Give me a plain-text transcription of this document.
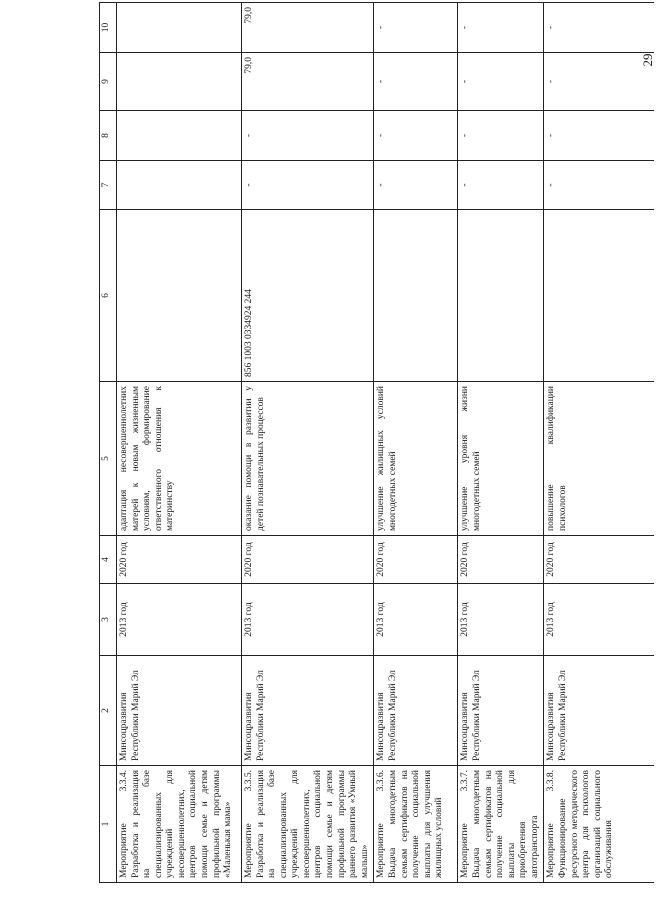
29
1	2	3	4	5	6	7	8	9	10
Мероприятие 3.3.4. Разработка и реализация на базе специализированных учреждений для несовершеннолетних, центров социальной помощи семье и детям профильной программы «Маленькая мама»	Минсоцразвития Республики Марий Эл	2013 год	2020 год	адаптация несовершеннолетних матерей к новым жизненным условиям, формирование ответственного отношения к материнству					
Мероприятие 3.3.5. Разработка и реализация на базе специализированных учреждений для несовершеннолетних, центров социальной помощи семье и детям профильной программы раннего развития «Умный малыш»	Минсоцразвития Республики Марий Эл	2013 год	2020 год	оказание помощи в развитии у детей познавательных процессов	856 1003 0334924 244	-	-	79,0	79,0
Мероприятие 3.3.6. Выдача многодетным семьям сертификатов на получение социальной выплаты для улучшения жилищных условий	Минсоцразвития Республики Марий Эл	2013 год	2020 год	улучшение жилищных условий многодетных семей		-	-	-	-
Мероприятие 3.3.7. Выдача многодетным семьям сертификатов на получение социальной выплаты для приобретения автотранспорта	Минсоцразвития Республики Марий Эл	2013 год	2020 год	улучшение уровня жизни многодетных семей		-	-	-	-
Мероприятие 3.3.8. Функционирование ресурсного методического центра для психологов организаций социального обслуживания	Минсоцразвития Республики Марий Эл	2013 год	2020 год	повышение квалификации психологов		-	-	-	-
